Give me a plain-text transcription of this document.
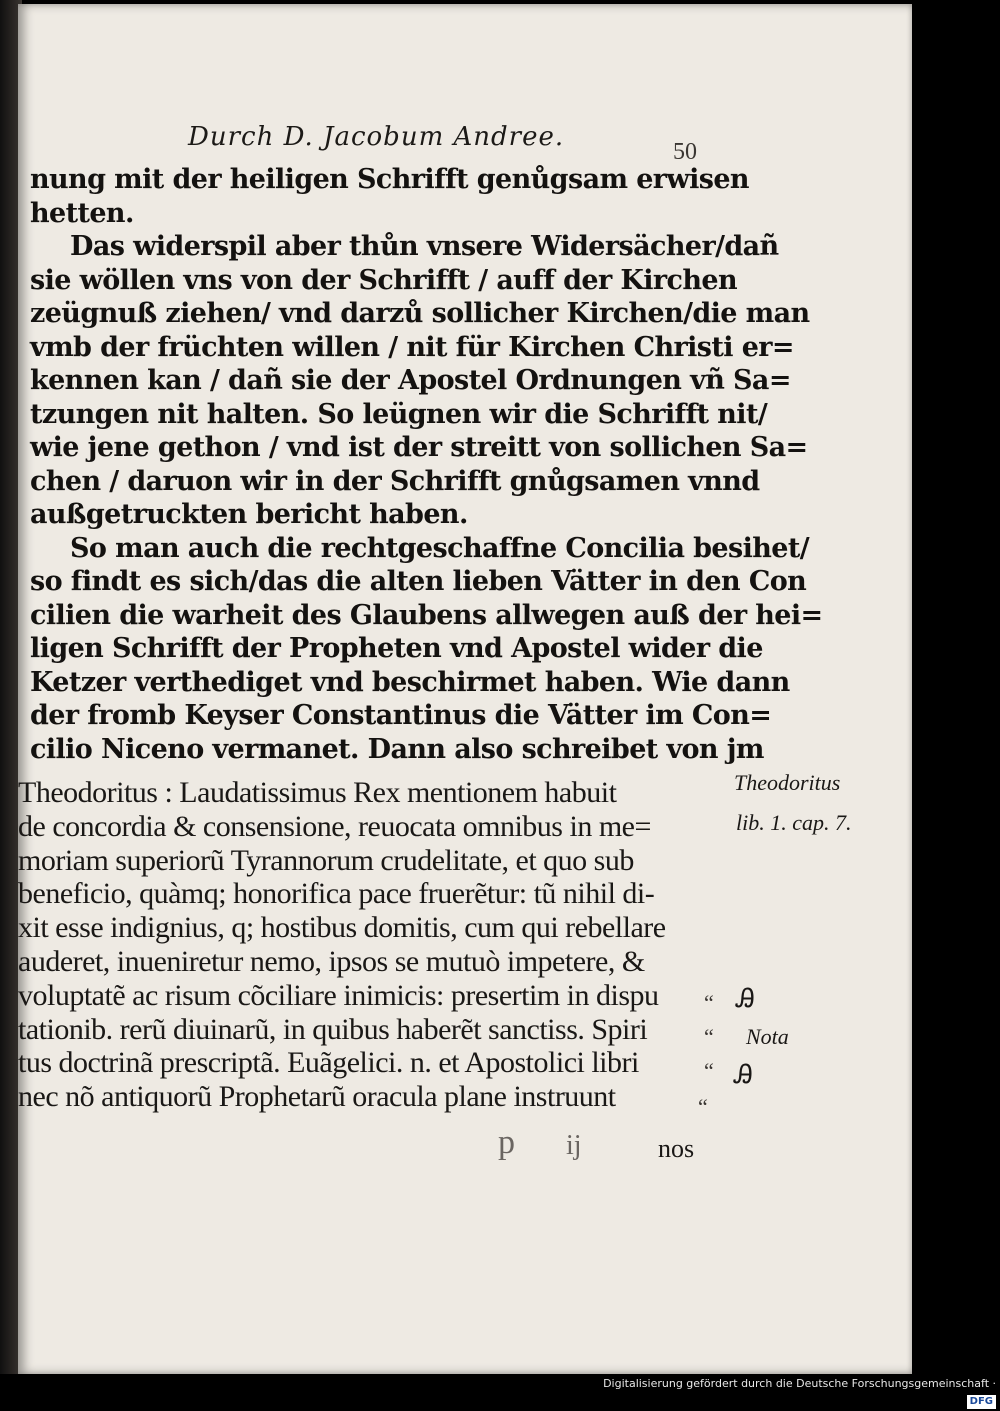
Durch D. Jacobum Andree.	50
nung mit der heiligen Schrifft genůgsam erwisen
hetten.
Das widerspil aber thůn vnsere Widersächer/dañ
sie wöllen vns von der Schrifft / auff der Kirchen
zeügnuß ziehen/ vnd darzů sollicher Kirchen/die man
vmb der früchten willen / nit für Kirchen Christi er=
kennen kan / dañ sie der Apostel Ordnungen vñ Sa=
tzungen nit halten. So leügnen wir die Schrifft nit/
wie jene gethon / vnd ist der streitt von sollichen Sa=
chen / daruon wir in der Schrifft gnůgsamen vnnd
außgetruckten bericht haben.
So man auch die rechtgeschaffne Concilia besihet/
so findt es sich/das die alten lieben Vätter in den Con
cilien die warheit des Glaubens allwegen auß der hei=
ligen Schrifft der Propheten vnd Apostel wider die
Ketzer verthediget vnd beschirmet haben. Wie dann
der fromb Keyser Constantinus die Vätter im Con=
cilio Niceno vermanet. Dann also schreibet von jm
Theodoritus : Laudatissimus Rex mentionem habuit
de concordia & consensione, reuocata omnibus in me=
moriam superiorũ Tyrannorum crudelitate, et quo sub
beneficio, quàmq; honorifica pace fruerẽtur: tũ nihil di-
xit esse indignius, q; hostibus domitis, cum qui rebellare
auderet, inueniretur nemo, ipsos se mutuò impetere, &
voluptatẽ ac risum cõciliare inimicis: presertim in dispu
tationib. rerũ diuinarũ, in quibus haberẽt sanctiss. Spiri
tus doctrinã prescriptã. Euãgelici. n. et Apostolici libri
nec nõ antiquorũ Prophetarũ oracula plane instruunt
Theodoritus
lib. 1. cap. 7.
Ꭿ
Nota
Ꭿ
“
“
“
“
p ij	nos
Digitalisierung gefördert durch die Deutsche Forschungsgemeinschaft ·DFG
